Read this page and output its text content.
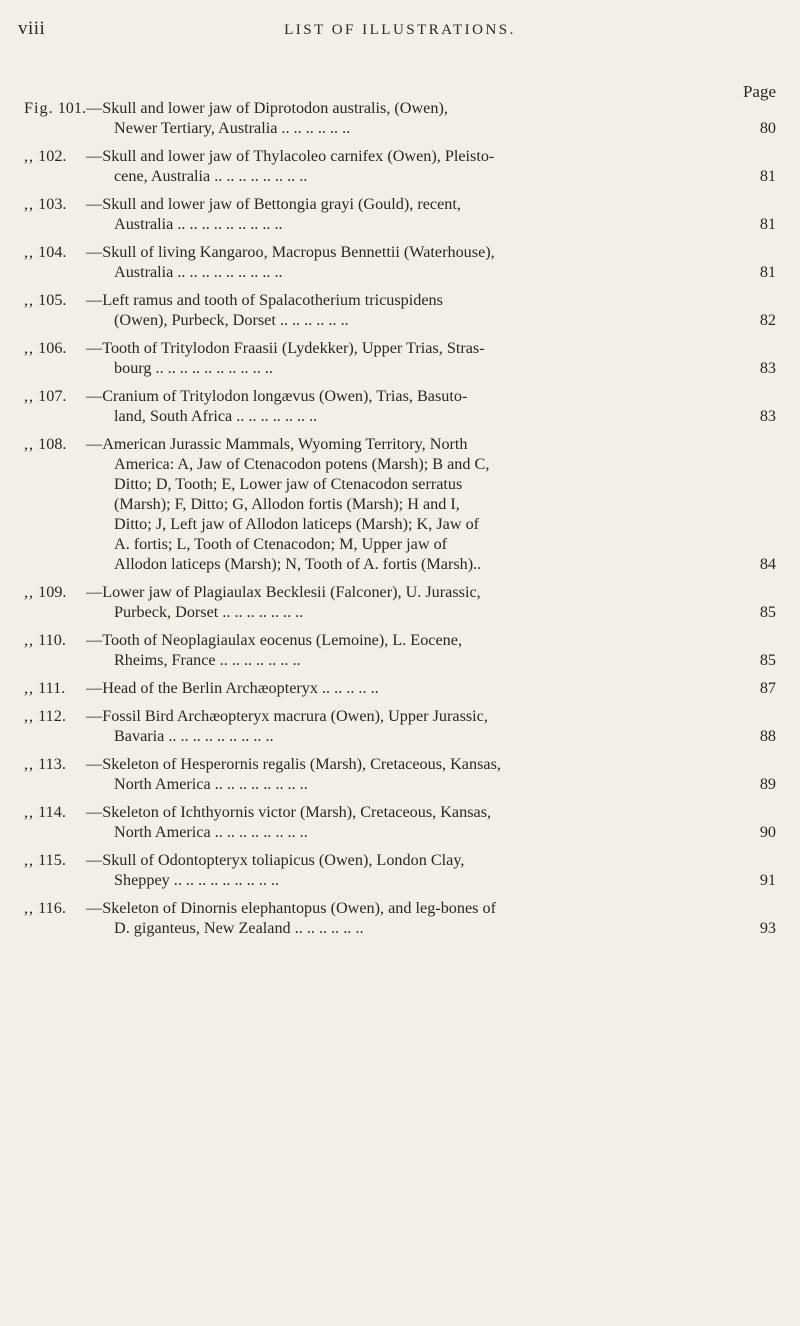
viii	LIST OF ILLUSTRATIONS.
Page
Fig. 101. —Skull and lower jaw of Diprotodon australis, (Owen),
Newer Tertiary, Australia .. .. .. .. .. ..	80
,, 102. —Skull and lower jaw of Thylacoleo carnifex (Owen), Pleisto-
cene, Australia .. .. .. .. .. .. .. ..	81
,, 103. —Skull and lower jaw of Bettongia grayi (Gould), recent,
Australia .. .. .. .. .. .. .. .. ..	81
,, 104. —Skull of living Kangaroo, Macropus Bennettii (Waterhouse),
Australia .. .. .. .. .. .. .. .. ..	81
,, 105. —Left ramus and tooth of Spalacotherium tricuspidens
(Owen), Purbeck, Dorset .. .. .. .. .. ..	82
,, 106. —Tooth of Tritylodon Fraasii (Lydekker), Upper Trias, Stras-
bourg .. .. .. .. .. .. .. .. .. ..	83
,, 107. —Cranium of Tritylodon longævus (Owen), Trias, Basuto-
land, South Africa .. .. .. .. .. .. ..	83
,, 108. —American Jurassic Mammals, Wyoming Territory, North
America: A, Jaw of Ctenacodon potens (Marsh); B and C,
Ditto; D, Tooth; E, Lower jaw of Ctenacodon serratus
(Marsh); F, Ditto; G, Allodon fortis (Marsh); H and I,
Ditto; J, Left jaw of Allodon laticeps (Marsh); K, Jaw of
A. fortis; L, Tooth of Ctenacodon; M, Upper jaw of
Allodon laticeps (Marsh); N, Tooth of A. fortis (Marsh)..	84
,, 109. —Lower jaw of Plagiaulax Becklesii (Falconer), U. Jurassic,
Purbeck, Dorset .. .. .. .. .. .. ..	85
,, 110. —Tooth of Neoplagiaulax eocenus (Lemoine), L. Eocene,
Rheims, France .. .. .. .. .. .. ..	85
,, 111. —Head of the Berlin Archæopteryx .. .. .. .. ..	87
,, 112. —Fossil Bird Archæopteryx macrura (Owen), Upper Jurassic,
Bavaria .. .. .. .. .. .. .. .. ..	88
,, 113. —Skeleton of Hesperornis regalis (Marsh), Cretaceous, Kansas,
North America .. .. .. .. .. .. .. ..	89
,, 114. —Skeleton of Ichthyornis victor (Marsh), Cretaceous, Kansas,
North America .. .. .. .. .. .. .. ..	90
,, 115. —Skull of Odontopteryx toliapicus (Owen), London Clay,
Sheppey .. .. .. .. .. .. .. .. ..	91
,, 116. —Skeleton of Dinornis elephantopus (Owen), and leg-bones of
D. giganteus, New Zealand .. .. .. .. .. ..	93
